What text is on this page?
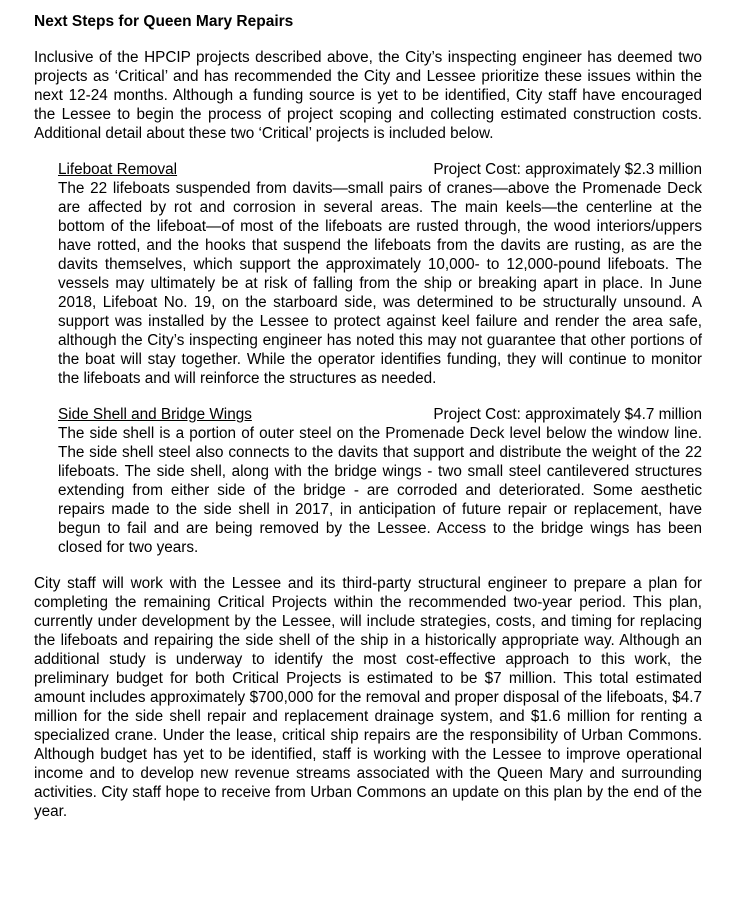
Next Steps for Queen Mary Repairs

Inclusive of the HPCIP projects described above, the City’s inspecting engineer has deemed two projects as ‘Critical’ and has recommended the City and Lessee prioritize these issues within the next 12-24 months. Although a funding source is yet to be identified, City staff have encouraged the Lessee to begin the process of project scoping and collecting estimated construction costs. Additional detail about these two ‘Critical’ projects is included below.

Lifeboat Removal	Project Cost: approximately $2.3 million

The 22 lifeboats suspended from davits—small pairs of cranes—above the Promenade Deck are affected by rot and corrosion in several areas. The main keels—the centerline at the bottom of the lifeboat—of most of the lifeboats are rusted through, the wood interiors/uppers have rotted, and the hooks that suspend the lifeboats from the davits are rusting, as are the davits themselves, which support the approximately 10,000- to 12,000-pound lifeboats. The vessels may ultimately be at risk of falling from the ship or breaking apart in place. In June 2018, Lifeboat No. 19, on the starboard side, was determined to be structurally unsound. A support was installed by the Lessee to protect against keel failure and render the area safe, although the City’s inspecting engineer has noted this may not guarantee that other portions of the boat will stay together. While the operator identifies funding, they will continue to monitor the lifeboats and will reinforce the structures as needed.

Side Shell and Bridge Wings	Project Cost: approximately $4.7 million

The side shell is a portion of outer steel on the Promenade Deck level below the window line. The side shell steel also connects to the davits that support and distribute the weight of the 22 lifeboats. The side shell, along with the bridge wings - two small steel cantilevered structures extending from either side of the bridge - are corroded and deteriorated. Some aesthetic repairs made to the side shell in 2017, in anticipation of future repair or replacement, have begun to fail and are being removed by the Lessee. Access to the bridge wings has been closed for two years.

City staff will work with the Lessee and its third-party structural engineer to prepare a plan for completing the remaining Critical Projects within the recommended two-year period. This plan, currently under development by the Lessee, will include strategies, costs, and timing for replacing the lifeboats and repairing the side shell of the ship in a historically appropriate way. Although an additional study is underway to identify the most cost-effective approach to this work, the preliminary budget for both Critical Projects is estimated to be $7 million. This total estimated amount includes approximately $700,000 for the removal and proper disposal of the lifeboats, $4.7 million for the side shell repair and replacement drainage system, and $1.6 million for renting a specialized crane. Under the lease, critical ship repairs are the responsibility of Urban Commons. Although budget has yet to be identified, staff is working with the Lessee to improve operational income and to develop new revenue streams associated with the Queen Mary and surrounding activities. City staff hope to receive from Urban Commons an update on this plan by the end of the year.
